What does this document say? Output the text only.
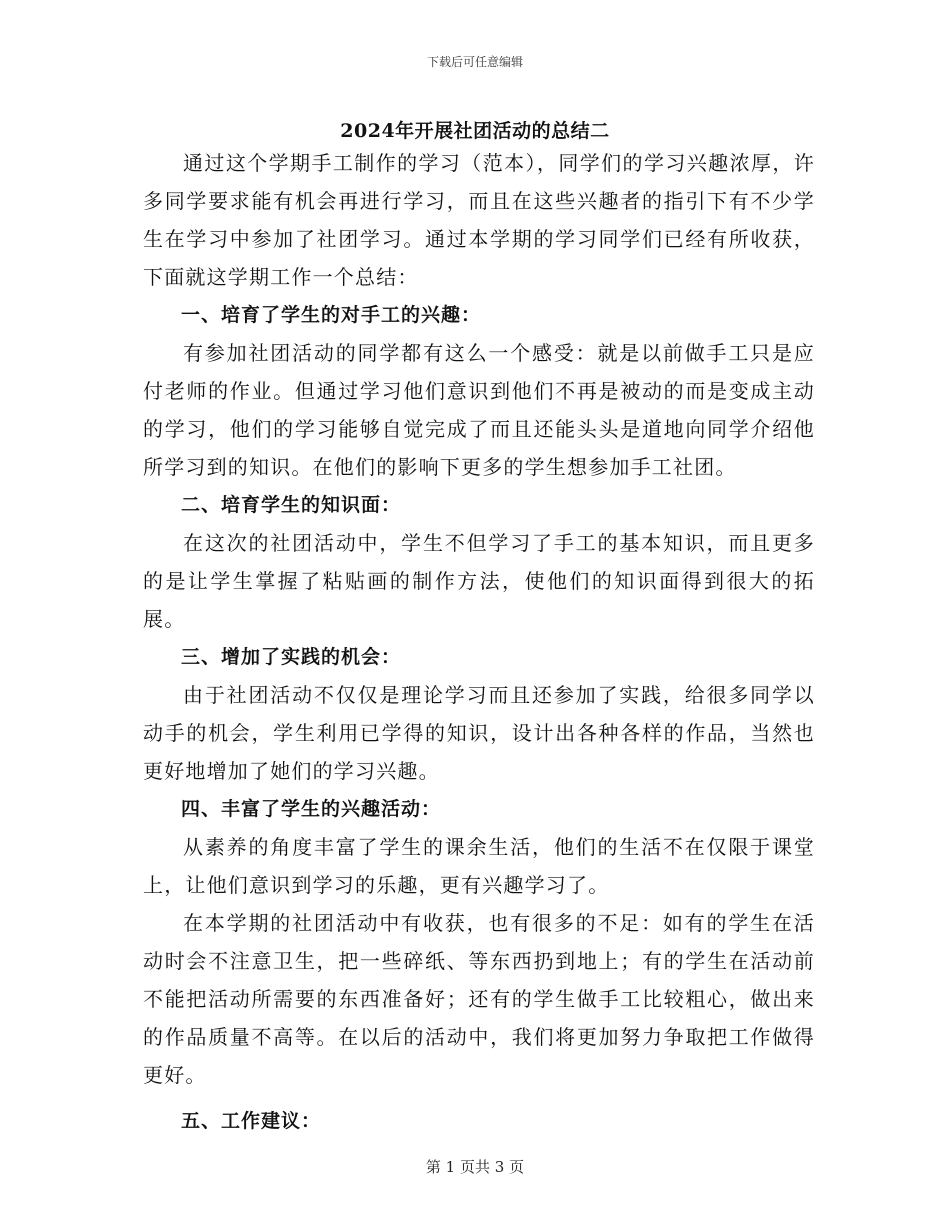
下载后可任意编辑
2024年开展社团活动的总结二

通过这个学期手工制作的学习（范本），同学们的学习兴趣浓厚，许多同学要求能有机会再进行学习，而且在这些兴趣者的指引下有不少学生在学习中参加了社团学习。通过本学期的学习同学们已经有所收获，下面就这学期工作一个总结：

一、培育了学生的对手工的兴趣：

有参加社团活动的同学都有这么一个感受：就是以前做手工只是应付老师的作业。但通过学习他们意识到他们不再是被动的而是变成主动的学习，他们的学习能够自觉完成了而且还能头头是道地向同学介绍他所学习到的知识。在他们的影响下更多的学生想参加手工社团。

二、培育学生的知识面：

在这次的社团活动中，学生不但学习了手工的基本知识，而且更多的是让学生掌握了粘贴画的制作方法，使他们的知识面得到很大的拓展。

三、增加了实践的机会：

由于社团活动不仅仅是理论学习而且还参加了实践，给很多同学以动手的机会，学生利用已学得的知识，设计出各种各样的作品，当然也更好地增加了她们的学习兴趣。

四、丰富了学生的兴趣活动：

从素养的角度丰富了学生的课余生活，他们的生活不在仅限于课堂上，让他们意识到学习的乐趣，更有兴趣学习了。

在本学期的社团活动中有收获，也有很多的不足：如有的学生在活动时会不注意卫生，把一些碎纸、等东西扔到地上；有的学生在活动前不能把活动所需要的东西准备好；还有的学生做手工比较粗心，做出来的作品质量不高等。在以后的活动中，我们将更加努力争取把工作做得更好。

五、工作建议：

第 1 页共 3 页
